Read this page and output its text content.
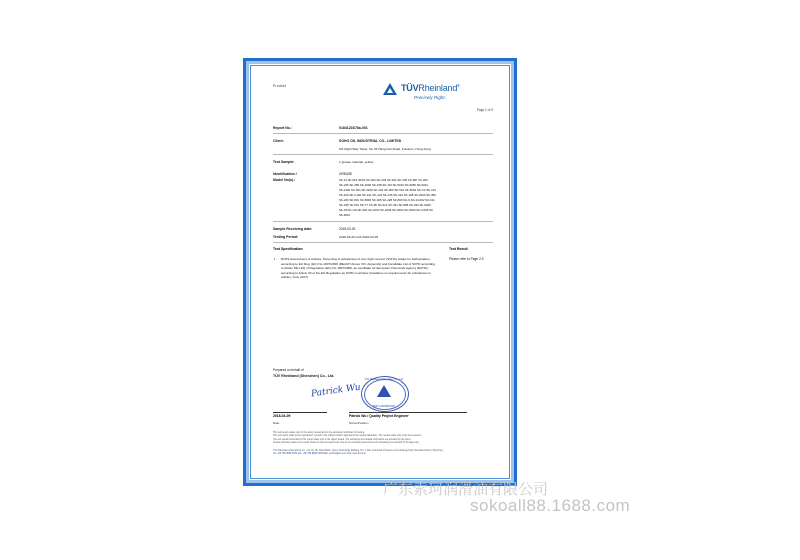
Produkt	TÜVRheinland®
Precisely Right.
Page 1 of 9
Report No.:	0184123S78a-001
Client:	SOHO OIL INDUSTRIAL CO., LIMITED
5/F Right Way Tower, No.33 Hang Kok Road, Kowloon, Hong Kong
Test Sample:	1 grease material, yellow
Identification /
Model No(s).:
GREASE
SK-11 SK-015-SK01 SK-202 SK-203 SK-201 SK-205 CK-MP CK-300
SK-236 SK-285 SK-2000 SK-238 SK-116 SK-5010 SK-5050 SK-6001
SK-2100 SK-301 SK-2200 SK-122 SK-300 SK-501 SK-5002 SK-C2 SK-123
SK-100 SK-C100 SK-121 SK-123 SK-135 SK-316 SK-198 SK-2000 SK-360
SK-230 SK-801 SK-8000 SK-006 SK-228 SK-800 SK-9-SK-13-002 SK-611
SK-235 SK-501 SK-77 CK-05 SK-321 SK-461 SK-898 SK-033 SK-6020
SK-33-D1-US-SK-006 SK-1000 SK-2206 SK-3002 SK-3009 SK-3.006 SK
SK-6010
Sample Receiving date:	2018-03-26
Testing Period:	2018-03-26 until 2018-04-09
Test Specification	Test Result
• RoHS Assessment of Articles: Screening of substances of very high concern (SVHC) subject to authorisation, according to EU Reg. (EC) No 1907/2006 (REACH Annex XIV, Appendix) and Candidate List of SVHC according to Article 59(1,10) of Regulation (EC) No 1907/2006, as candidate for European Chemicals Agency (ECHA), according to Article 33 of the EU Regulation as SVHC in articles (Guidance on requirements for substances in articles, June 2017).
Please refer to Page 2-9
Prepared on behalf of
TÜV Rheinland (Shenzhen) Co., Ltd.
Patrick Wu
TÜV Rheinland (Shenzhen) Co., Ltd.
TEST LABORATORY
2018-04-09	Patrick Wu / Quality Project Engineer
Date	Name/Position
This test result relates only to the item(s) tested and to the sample(s) submitted for testing.
This test report shall not be reproduced, except in full, without written approval of the issuing laboratory. The results relate only to the items tested.
The test results presented in this report relate only to the object tested. The sample(s) and related information are provided by the client.
Unless otherwise stated, the results shown in this test report refer only to the sample(s) tested and such sample(s) are retained for 30 days only.
TÜV Rheinland (Shenzhen) Co., Ltd. No. 5F, North Block, Qiyun Technology Building, No. 1, Mid. 2nd Road of Science & Technology Park, Nanshan District, Shenzhen
Tel: +86 755 8828 8333 Fax: +86 755 8828 0108 Mail: service@tuv.com web: www.tuv.com
广东索珂润滑油有限公司
sokoall88.1688.com
